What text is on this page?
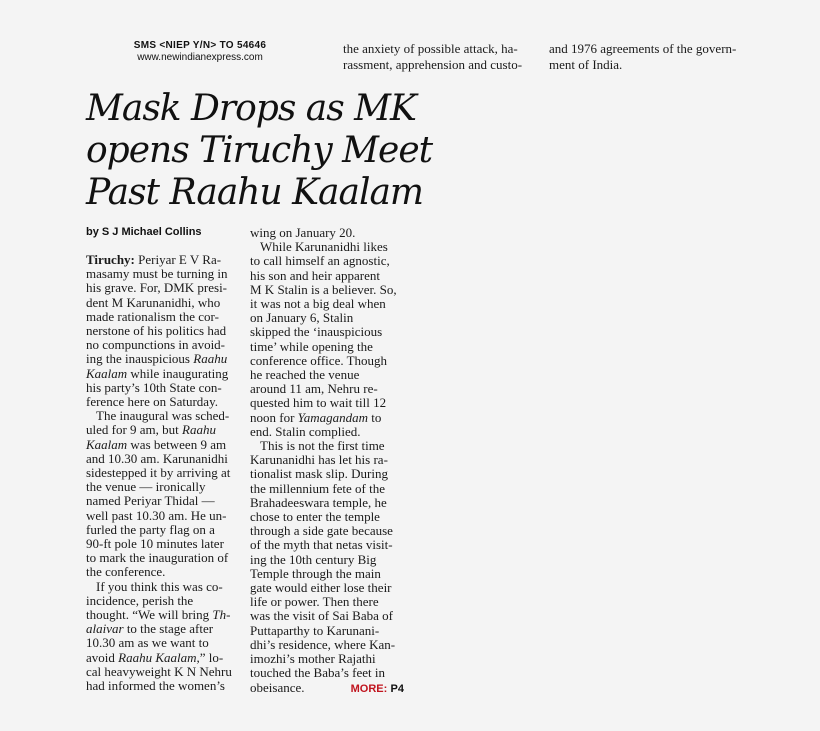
SMS <NIEP Y/N> TO 54646
www.newindianexpress.com
the anxiety of possible attack, ha-
rassment, apprehension and custo-
and 1976 agreements of the govern-
ment of India.
Mask Drops as MK
opens Tiruchy Meet
Past Raahu Kaalam
by S J Michael Collins

Tiruchy: Periyar E V Ra-
masamy must be turning in
his grave. For, DMK presi-
dent M Karunanidhi, who
made rationalism the cor-
nerstone of his politics had
no compunctions in avoid-
ing the inauspicious Raahu
Kaalam while inaugurating
his party’s 10th State con-
ference here on Saturday.

The inaugural was sched-
uled for 9 am, but Raahu
Kaalam was between 9 am
and 10.30 am. Karunanidhi
sidestepped it by arriving at
the venue — ironically
named Periyar Thidal —
well past 10.30 am. He un-
furled the party flag on a
90-ft pole 10 minutes later
to mark the inauguration of
the conference.

If you think this was co-
incidence, perish the
thought. “We will bring Th-
alaivar to the stage after
10.30 am as we want to
avoid Raahu Kaalam,” lo-
cal heavyweight K N Nehru
had informed the women’s

wing on January 20.

While Karunanidhi likes
to call himself an agnostic,
his son and heir apparent
M K Stalin is a believer. So,
it was not a big deal when
on January 6, Stalin
skipped the ‘inauspicious
time’ while opening the
conference office. Though
he reached the venue
around 11 am, Nehru re-
quested him to wait till 12
noon for Yamagandam to
end. Stalin complied.

This is not the first time
Karunanidhi has let his ra-
tionalist mask slip. During
the millennium fete of the
Brahadeeswara temple, he
chose to enter the temple
through a side gate because
of the myth that netas visit-
ing the 10th century Big
Temple through the main
gate would either lose their
life or power. Then there
was the visit of Sai Baba of
Puttaparthy to Karunani-
dhi’s residence, where Kan-
imozhi’s mother Rajathi
touched the Baba’s feet in
obeisance.	MORE: P4
